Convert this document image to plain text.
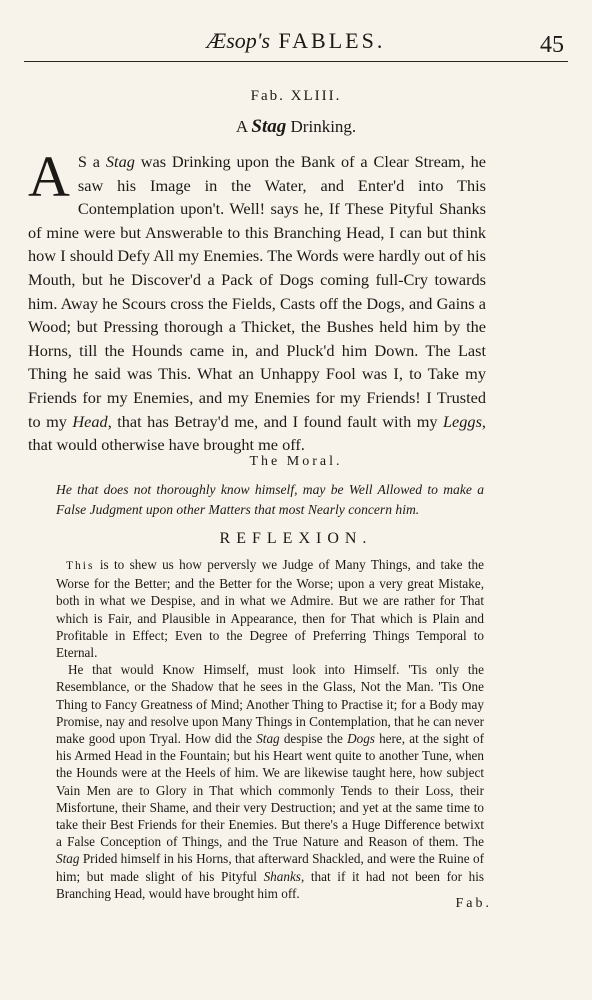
Æsop's FABLES.	45
Fab. XLIII.
A Stag Drinking.

A S a Stag was Drinking upon the Bank of a Clear Stream, he saw his Image in the Water, and Enter'd into This Contemplation upon't. Well! says he, If These Pityful Shanks of mine were but Answerable to this Branching Head, I can but think how I should Defy All my Enemies. The Words were hardly out of his Mouth, but he Discover'd a Pack of Dogs coming full-Cry towards him. Away he Scours cross the Fields, Casts off the Dogs, and Gains a Wood; but Pressing thorough a Thicket, the Bushes held him by the Horns, till the Hounds came in, and Pluck'd him Down. The Last Thing he said was This. What an Unhappy Fool was I, to Take my Friends for my Enemies, and my Enemies for my Friends! I Trusted to my Head, that has Betray'd me, and I found fault with my Leggs, that would otherwise have brought me off.

The Moral.

He that does not thoroughly know himself, may be Well Allowed to make a False Judgment upon other Matters that most Nearly concern him.

REFLEXION.

This is to shew us how perversly we Judge of Many Things, and take the Worse for the Better; and the Better for the Worse; upon a very great Mistake, both in what we Despise, and in what we Admire. But we are rather for That which is Fair, and Plausible in Appearance, then for That which is Plain and Profitable in Effect; Even to the Degree of Preferring Things Temporal to Eternal.

He that would Know Himself, must look into Himself. 'Tis only the Resemblance, or the Shadow that he sees in the Glass, Not the Man. 'Tis One Thing to Fancy Greatness of Mind; Another Thing to Practise it; for a Body may Promise, nay and resolve upon Many Things in Contemplation, that he can never make good upon Tryal. How did the Stag despise the Dogs here, at the sight of his Armed Head in the Fountain; but his Heart went quite to another Tune, when the Hounds were at the Heels of him. We are likewise taught here, how subject Vain Men are to Glory in That which commonly Tends to their Loss, their Misfortune, their Shame, and their very Destruction; and yet at the same time to take their Best Friends for their Enemies. But there's a Huge Difference betwixt a False Conception of Things, and the True Nature and Reason of them. The Stag Prided himself in his Horns, that afterward Shackled, and were the Ruine of him; but made slight of his Pityful Shanks, that if it had not been for his Branching Head, would have brought him off.

Fab.
